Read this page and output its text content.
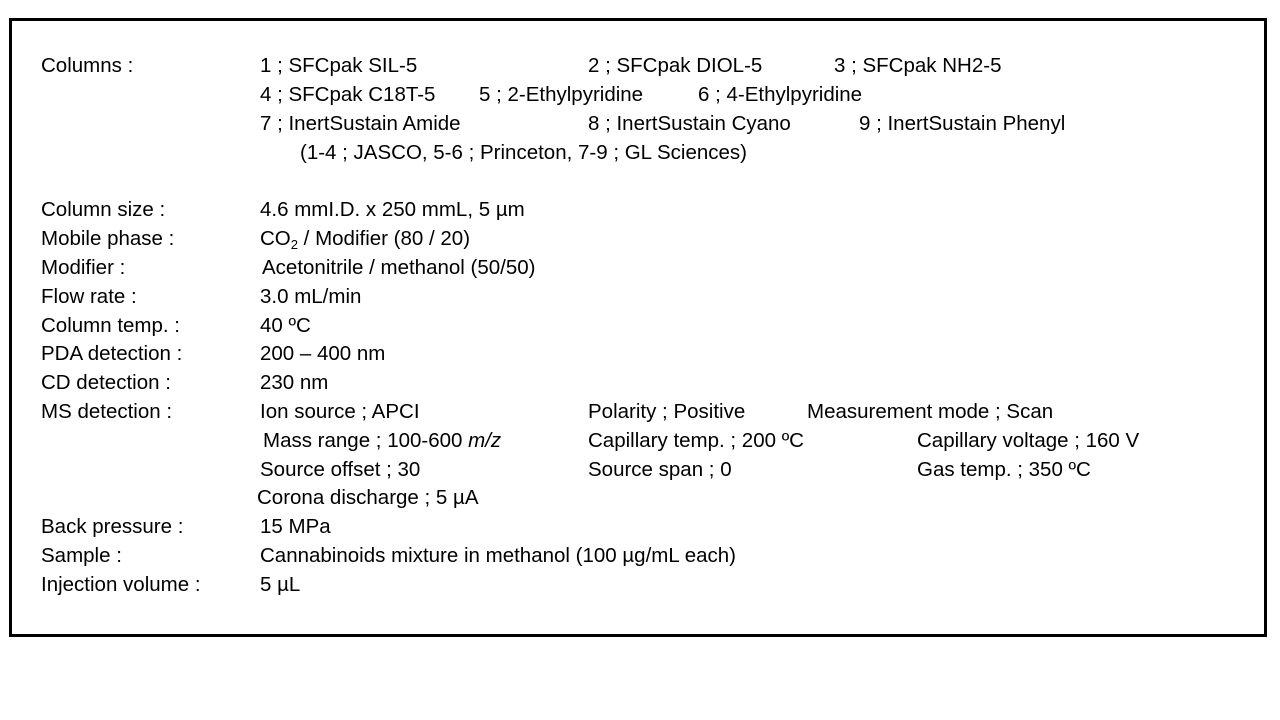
Columns :	1 ; SFCpak SIL-5	2 ; SFCpak DIOL-5	3 ; SFCpak NH2-5
4 ; SFCpak C18T-5 5 ; 2-Ethylpyridine	6 ; 4-Ethylpyridine
7 ; InertSustain Amide	8 ; InertSustain Cyano	9 ; InertSustain Phenyl
(1-4 ; JASCO, 5-6 ; Princeton, 7-9 ; GL Sciences)
Column size :	4.6 mmI.D. x 250 mmL, 5 µm
Mobile phase :	$CO_2$ / Modifier (80 / 20)
Modifier :	Acetonitrile / methanol (50/50)
Flow rate :	3.0 mL/min
Column temp. :	40 ºC
PDA detection :	200 – 400 nm
CD detection :	230 nm
MS detection :	Ion source ; APCI	Polarity ; Positive	Measurement mode ; Scan
Mass range ; 100-600 m/z	Capillary temp. ; 200 ºC	Capillary voltage ; 160 V
Source offset ; 30	Source span ; 0	Gas temp. ; 350 ºC
Corona discharge ; 5 µA
Back pressure :	15 MPa
Sample :	Cannabinoids mixture in methanol (100 µg/mL each)
Injection volume :	5 µL
